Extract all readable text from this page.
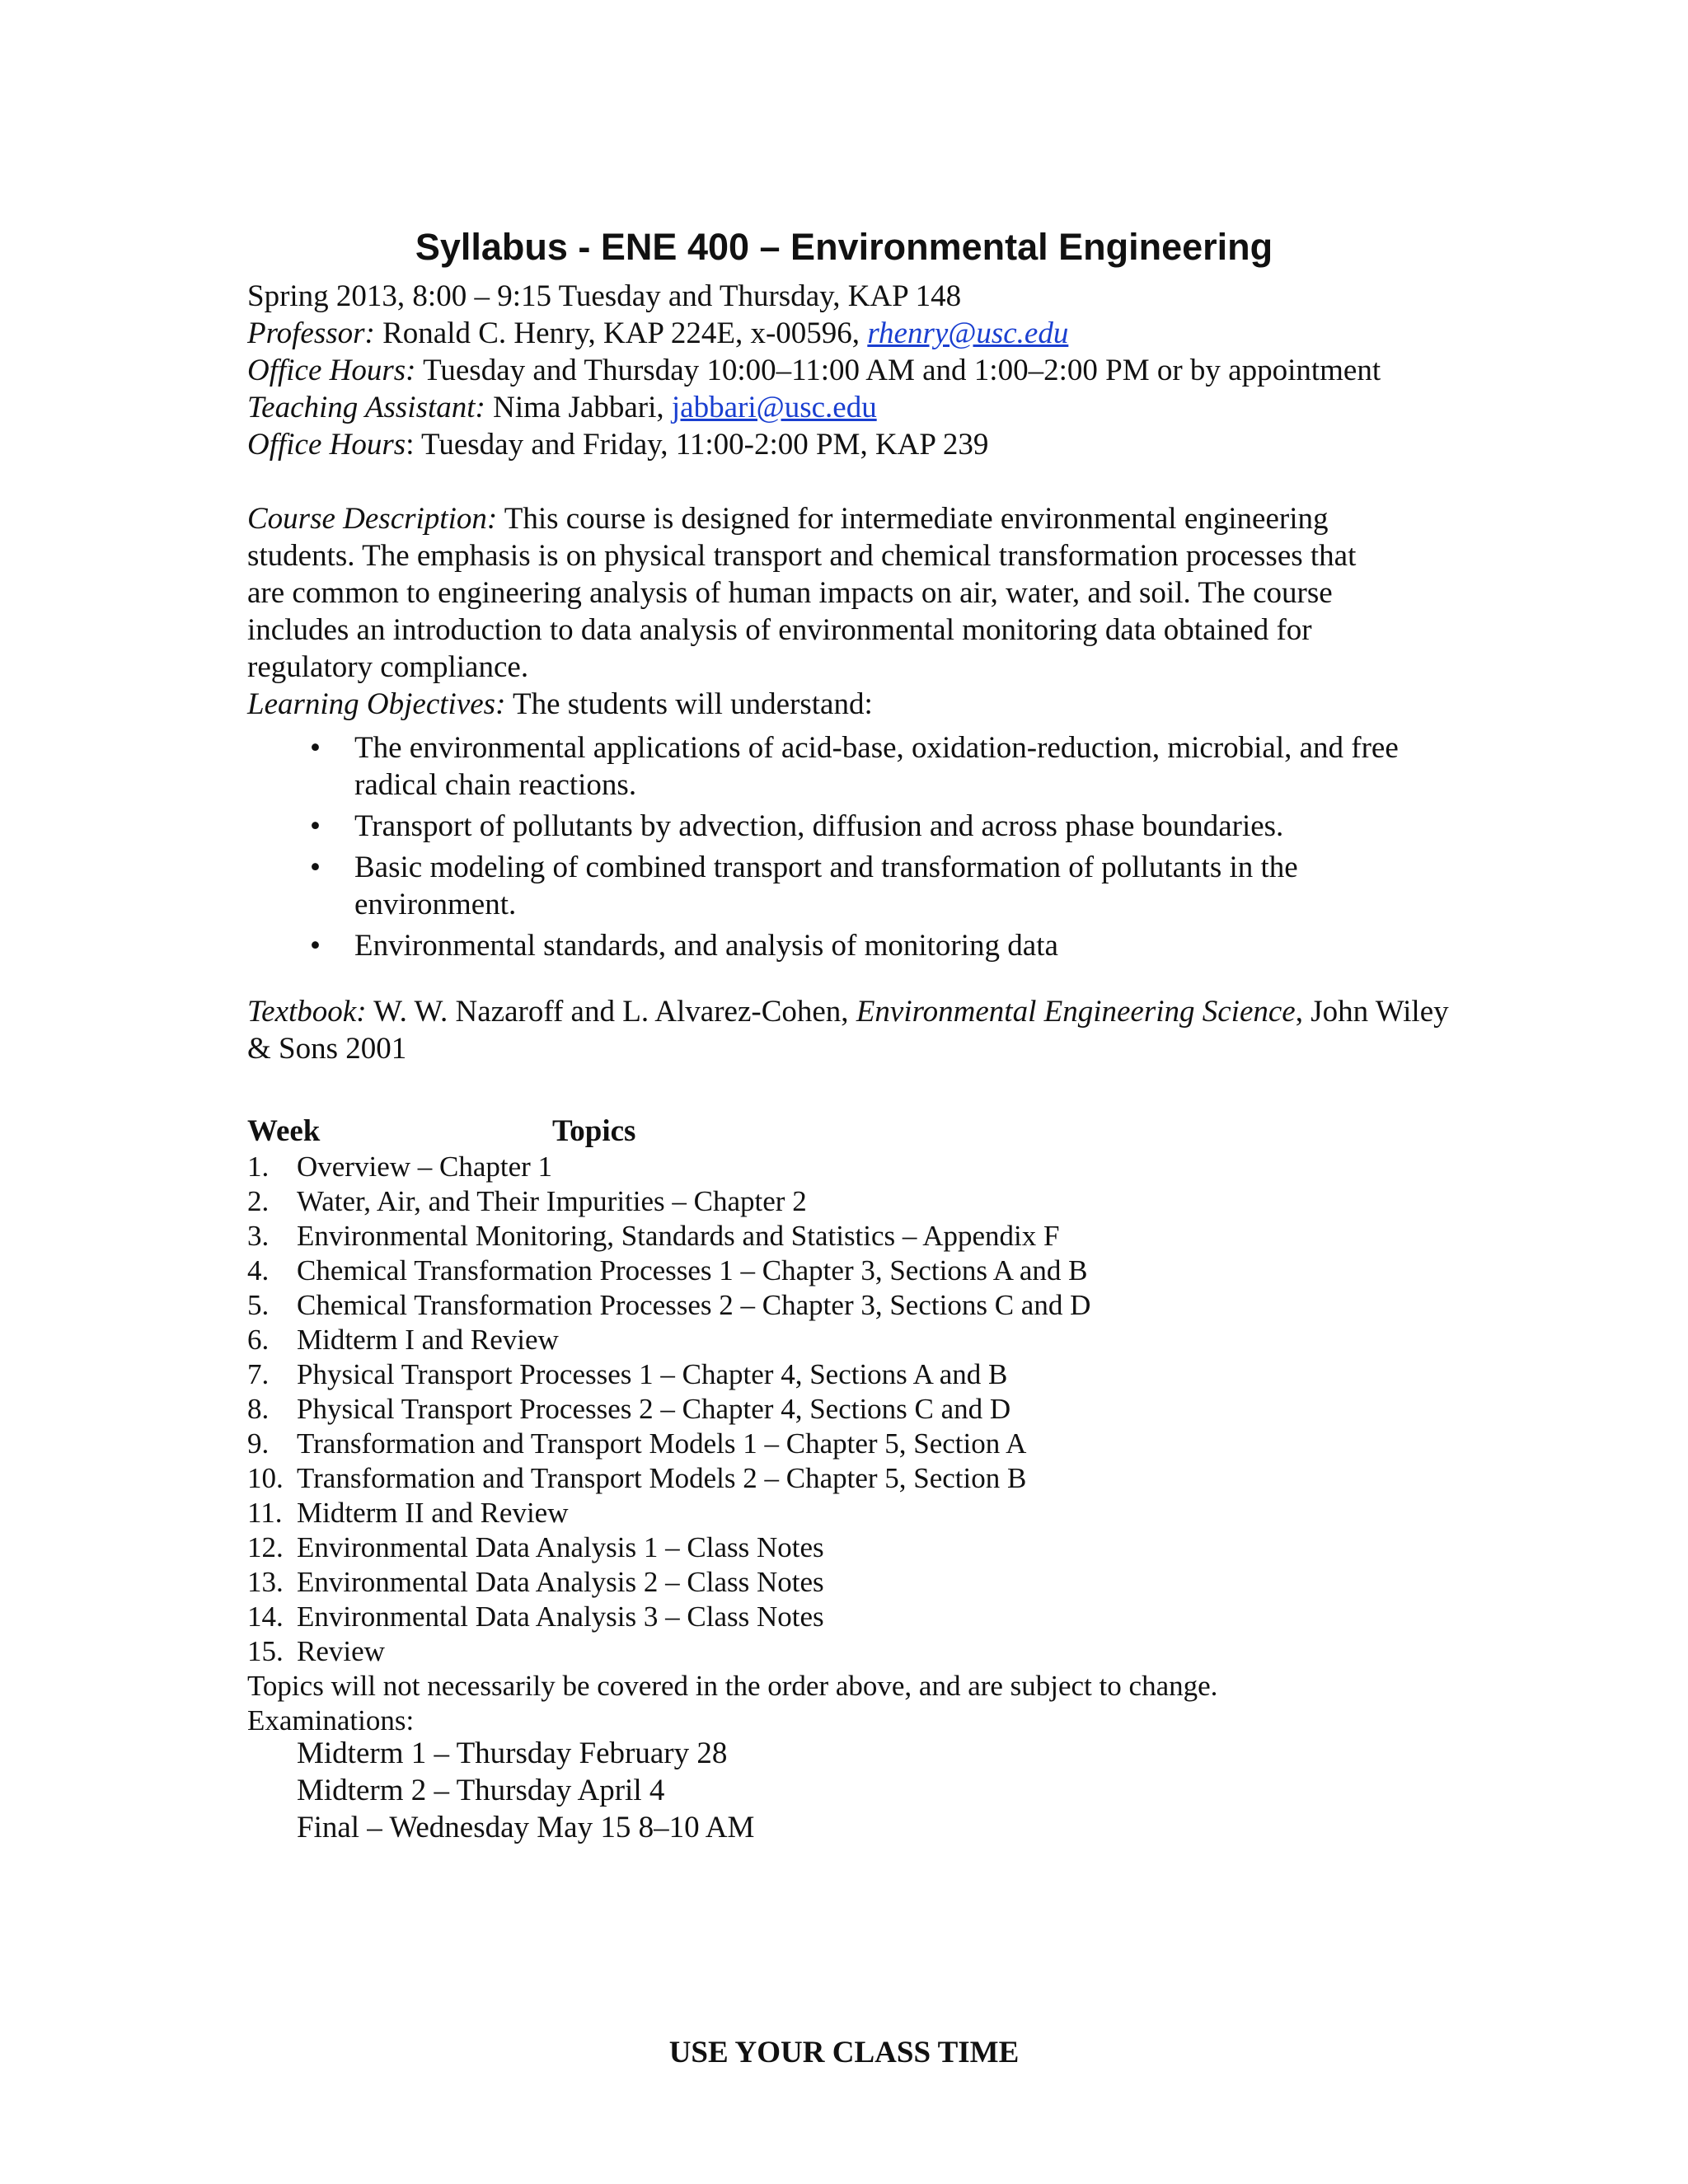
Syllabus - ENE 400 – Environmental Engineering
Spring 2013, 8:00 – 9:15 Tuesday and Thursday, KAP 148
Professor: Ronald C. Henry, KAP 224E, x-00596, rhenry@usc.edu
Office Hours: Tuesday and Thursday 10:00–11:00 AM and 1:00–2:00 PM or by appointment
Teaching Assistant: Nima Jabbari, jabbari@usc.edu
Office Hours: Tuesday and Friday, 11:00-2:00 PM, KAP 239
Course Description: This course is designed for intermediate environmental engineering
students. The emphasis is on physical transport and chemical transformation processes that
are common to engineering analysis of human impacts on air, water, and soil. The course
includes an introduction to data analysis of environmental monitoring data obtained for
regulatory compliance.
Learning Objectives: The students will understand:
• The environmental applications of acid-base, oxidation-reduction, microbial, and free radical chain reactions.
• Transport of pollutants by advection, diffusion and across phase boundaries.
• Basic modeling of combined transport and transformation of pollutants in the environment.
• Environmental standards, and analysis of monitoring data
Textbook: W. W. Nazaroff and L. Alvarez-Cohen, Environmental Engineering Science, John Wiley
& Sons 2001
Week	Topics
1. Overview – Chapter 1
2. Water, Air, and Their Impurities – Chapter 2
3. Environmental Monitoring, Standards and Statistics – Appendix F
4. Chemical Transformation Processes 1 – Chapter 3, Sections A and B
5. Chemical Transformation Processes 2 – Chapter 3, Sections C and D
6. Midterm I and Review
7. Physical Transport Processes 1 – Chapter 4, Sections A and B
8. Physical Transport Processes 2 – Chapter 4, Sections C and D
9. Transformation and Transport Models 1 – Chapter 5, Section A
10. Transformation and Transport Models 2 – Chapter 5, Section B
11. Midterm II and Review
12. Environmental Data Analysis 1 – Class Notes
13. Environmental Data Analysis 2 – Class Notes
14. Environmental Data Analysis 3 – Class Notes
15. Review
Topics will not necessarily be covered in the order above, and are subject to change.
Examinations:
Midterm 1 – Thursday February 28
Midterm 2 – Thursday April 4
Final – Wednesday May 15 8–10 AM
USE YOUR CLASS TIME
